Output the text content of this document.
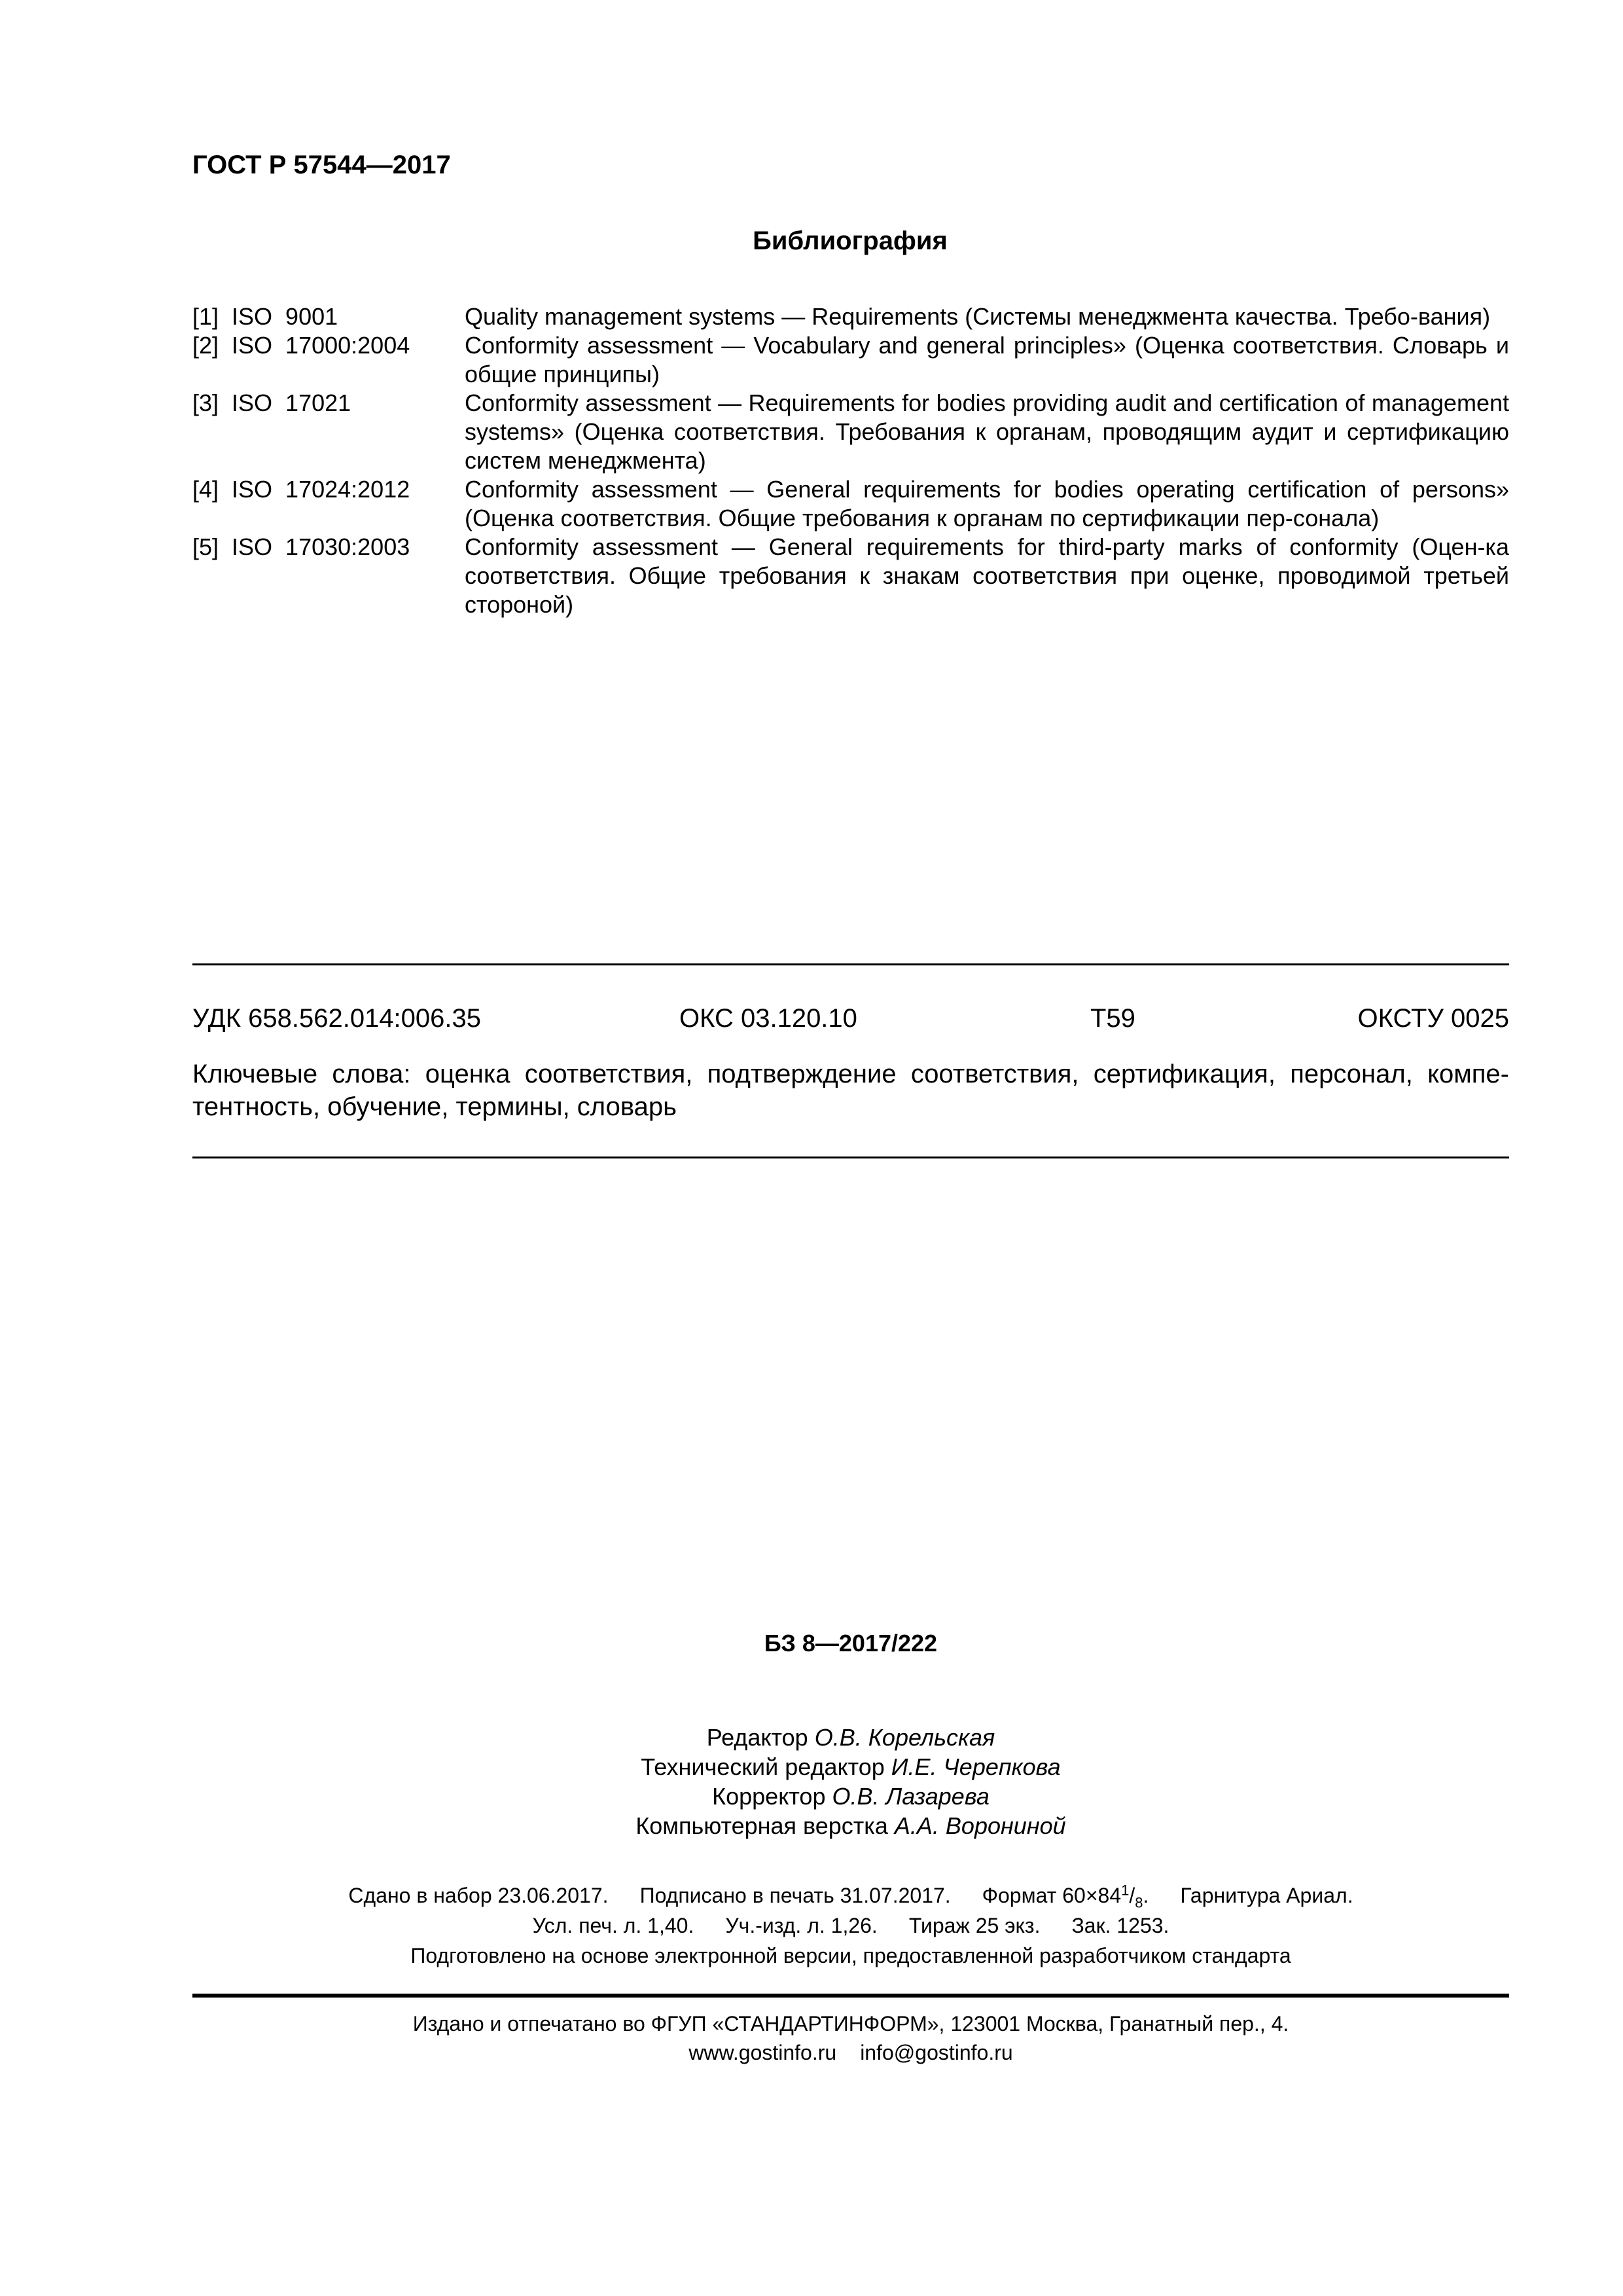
ГОСТ Р 57544—2017
Библиография
[1] ISO 9001	Quality management systems — Requirements (Системы менеджмента качества. Требо-вания)
[2] ISO 17000:2004	Conformity assessment — Vocabulary and general principles» (Оценка соответствия. Словарь и общие принципы)
[3] ISO 17021	Conformity assessment — Requirements for bodies providing audit and certification of management systems» (Оценка соответствия. Требования к органам, проводящим аудит и сертификацию систем менеджмента)
[4] ISO 17024:2012	Conformity assessment — General requirements for bodies operating certification of persons» (Оценка соответствия. Общие требования к органам по сертификации пер-сонала)
[5] ISO 17030:2003	Conformity assessment — General requirements for third-party marks of conformity (Оцен-ка соответствия. Общие требования к знакам соответствия при оценке, проводимой третьей стороной)
УДК 658.562.014:006.35	ОКС 03.120.10	Т59	ОКСТУ 0025
Ключевые слова: оценка соответствия, подтверждение соответствия, сертификация, персонал, компе-тентность, обучение, термины, словарь
БЗ 8—2017/222
Редактор О.В. Корельская
Технический редактор И.Е. Черепкова
Корректор О.В. Лазарева
Компьютерная верстка А.А. Ворониной
Сдано в набор 23.06.2017. Подписано в печать 31.07.2017. Формат $60\times 84^1/_8$. Гарнитура Ариал.
Усл. печ. л. 1,40. Уч.-изд. л. 1,26. Тираж 25 экз. Зак. 1253.
Подготовлено на основе электронной версии, предоставленной разработчиком стандарта
Издано и отпечатано во ФГУП «СТАНДАРТИНФОРМ», 123001 Москва, Гранатный пер., 4.
www.gostinfo.ru info@gostinfo.ru
